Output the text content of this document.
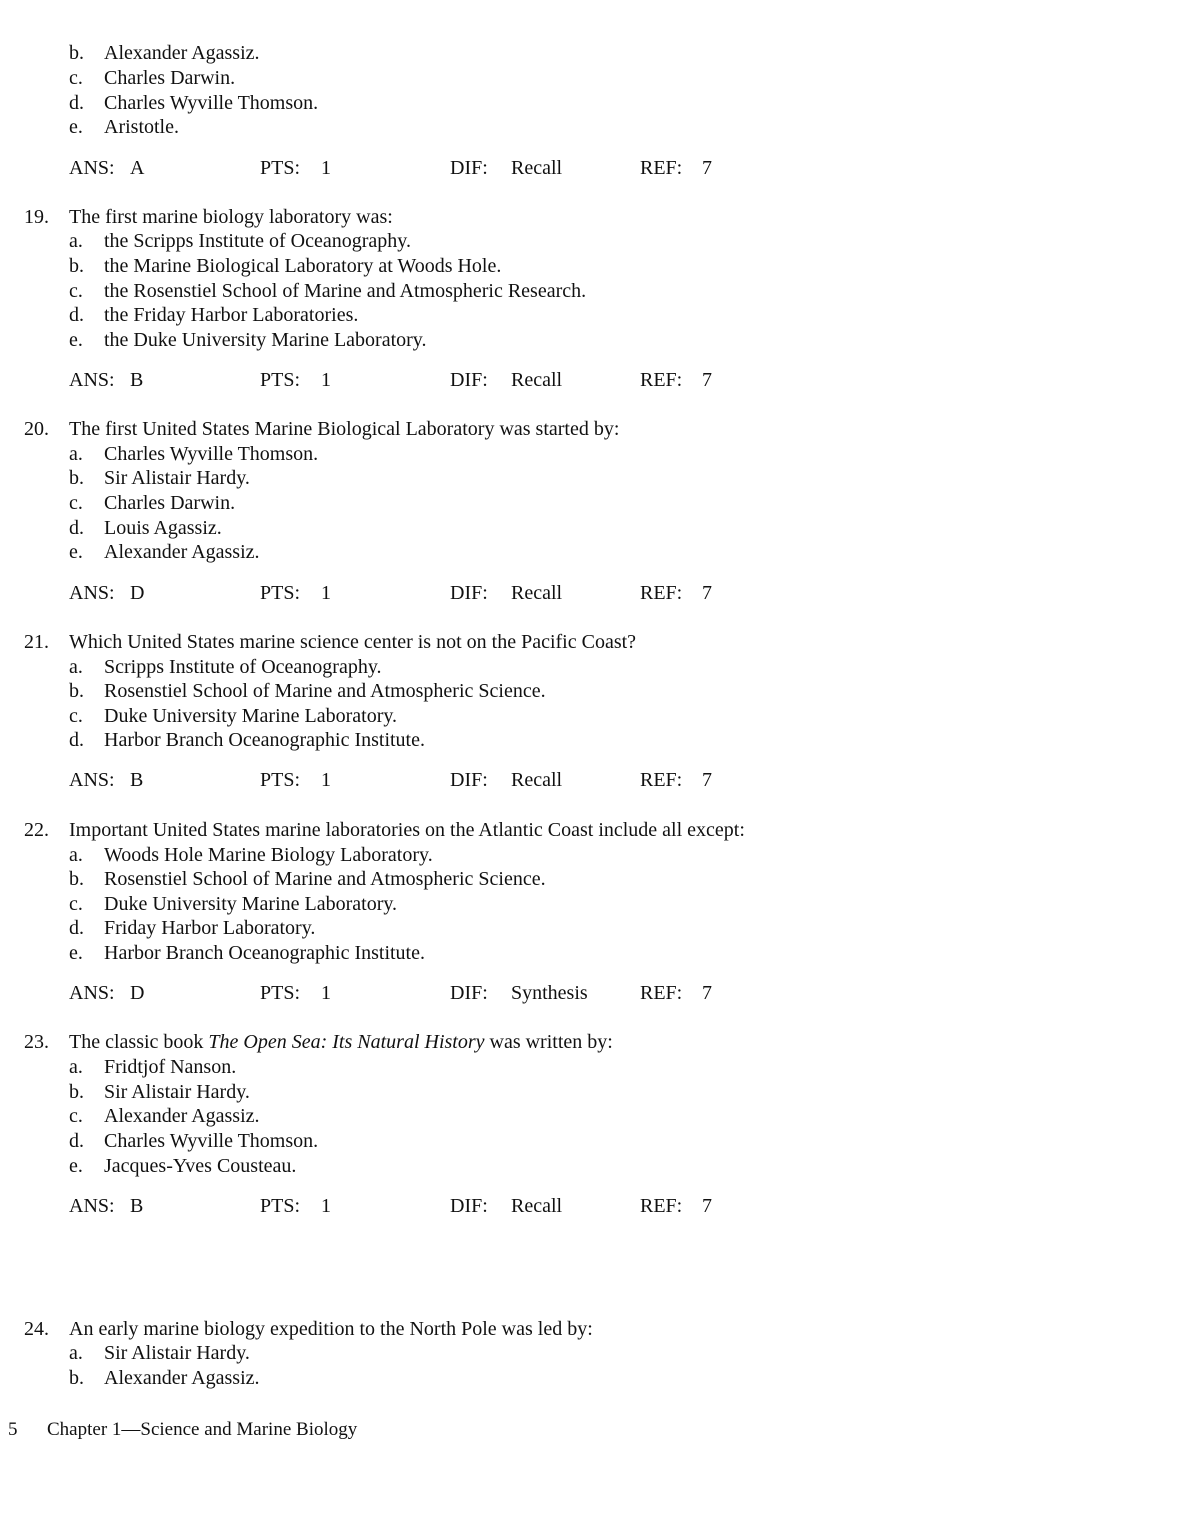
b. Alexander Agassiz.
c. Charles Darwin.
d. Charles Wyville Thomson.
e. Aristotle.
ANS: A	PTS: 1	DIF: Recall	REF: 7
19. The first marine biology laboratory was:
a. the Scripps Institute of Oceanography.
b. the Marine Biological Laboratory at Woods Hole.
c. the Rosenstiel School of Marine and Atmospheric Research.
d. the Friday Harbor Laboratories.
e. the Duke University Marine Laboratory.
ANS: B	PTS: 1	DIF: Recall	REF: 7
20. The first United States Marine Biological Laboratory was started by:
a. Charles Wyville Thomson.
b. Sir Alistair Hardy.
c. Charles Darwin.
d. Louis Agassiz.
e. Alexander Agassiz.
ANS: D	PTS: 1	DIF: Recall	REF: 7
21. Which United States marine science center is not on the Pacific Coast?
a. Scripps Institute of Oceanography.
b. Rosenstiel School of Marine and Atmospheric Science.
c. Duke University Marine Laboratory.
d. Harbor Branch Oceanographic Institute.
ANS: B	PTS: 1	DIF: Recall	REF: 7
22. Important United States marine laboratories on the Atlantic Coast include all except:
a. Woods Hole Marine Biology Laboratory.
b. Rosenstiel School of Marine and Atmospheric Science.
c. Duke University Marine Laboratory.
d. Friday Harbor Laboratory.
e. Harbor Branch Oceanographic Institute.
ANS: D	PTS: 1	DIF: Synthesis	REF: 7
23. The classic book The Open Sea: Its Natural History was written by:
a. Fridtjof Nanson.
b. Sir Alistair Hardy.
c. Alexander Agassiz.
d. Charles Wyville Thomson.
e. Jacques-Yves Cousteau.
ANS: B	PTS: 1	DIF: Recall	REF: 7
24. An early marine biology expedition to the North Pole was led by:
a. Sir Alistair Hardy.
b. Alexander Agassiz.
5 Chapter 1—Science and Marine Biology
